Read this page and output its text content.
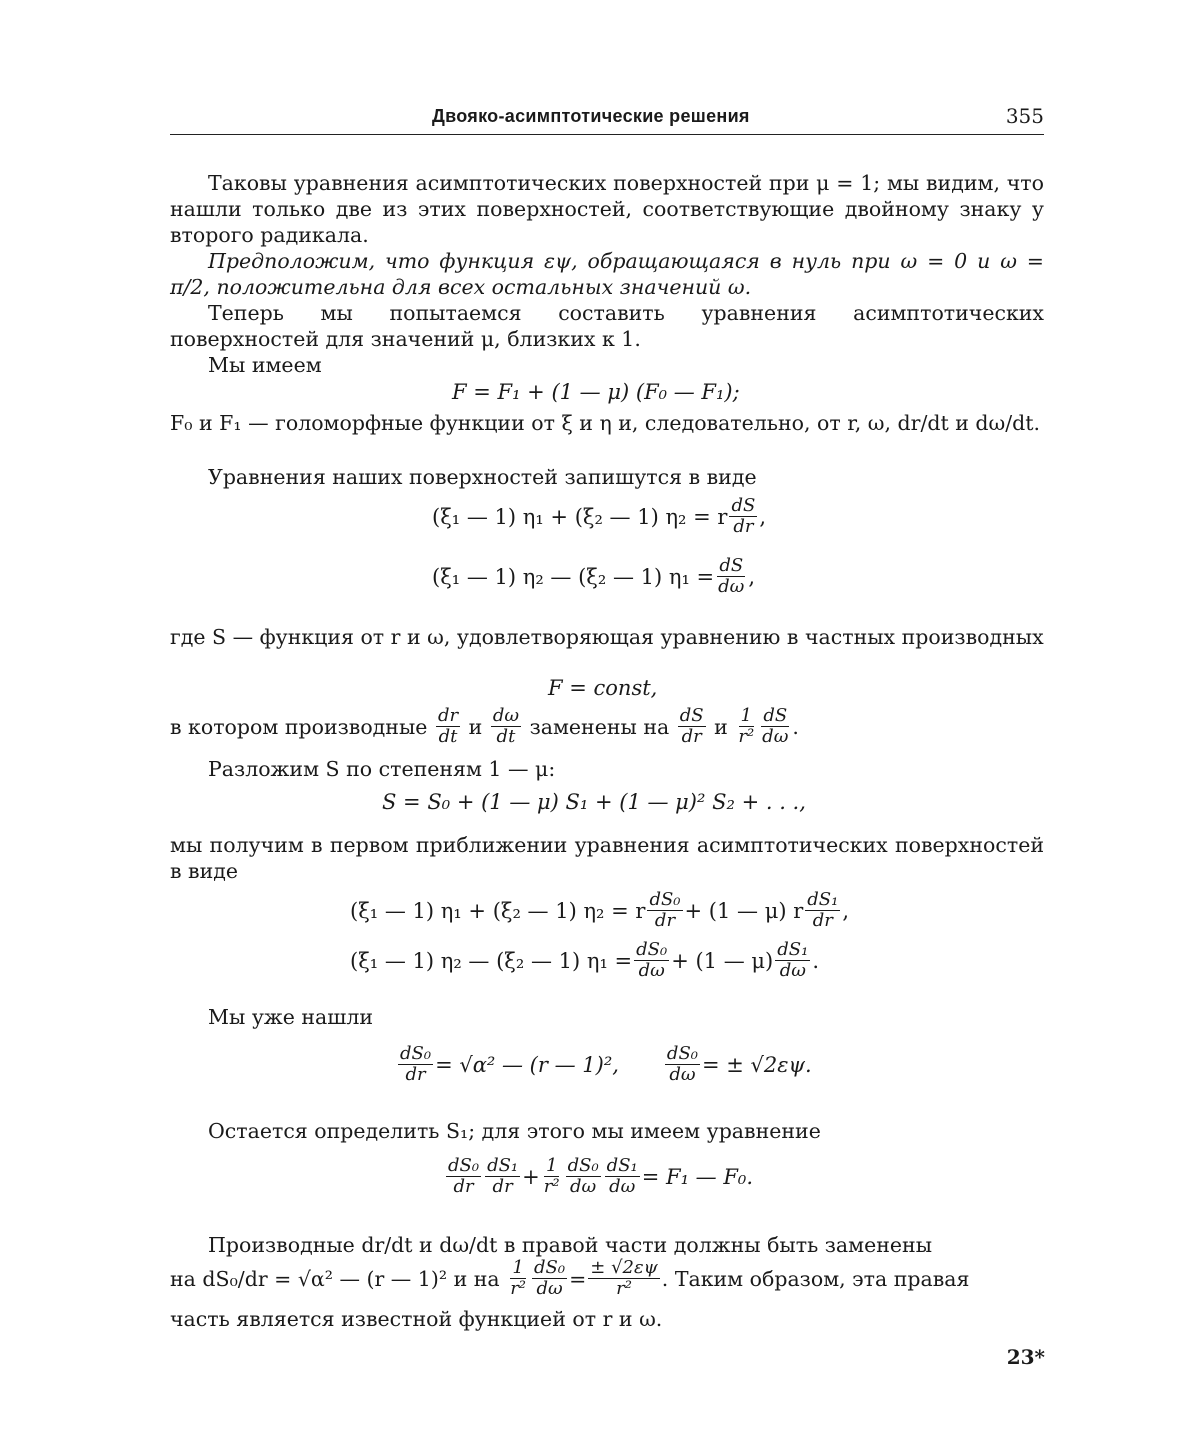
Двояко-асимптотические решения	355

Таковы уравнения асимптотических поверхностей при μ = 1; мы видим, что нашли только две из этих поверхностей, соответствующие двойному знаку у второго радикала.

Предположим, что функция εψ, обращающаяся в нуль при ω = 0 и ω = π/2, положительна для всех остальных значений ω.

Теперь мы попытаемся составить уравнения асимптотических поверхностей для значений μ, близких к 1.

Мы имеем
F = F₁ + (1 — μ) (F₀ — F₁);

F₀ и F₁ — голоморфные функции от ξ и η и, следовательно, от r, ω, dr/dt и dω/dt.

Уравнения наших поверхностей запишутся в виде
(ξ₁ — 1) η₁ + (ξ₂ — 1) η₂ = r dS
dr ,
(ξ₁ — 1) η₂ — (ξ₂ — 1) η₁ = dS
dω ,

где S — функция от r и ω, удовлетворяющая уравнению в частных производных

F = const,
в котором производные
dr
dt
и
dω
dt
заменены на
dS
dr
и
1
r²
dS
dω .
Разложим S по степеням 1 — μ:
S = S₀ + (1 — μ) S₁ + (1 — μ)² S₂ + . . .,

мы получим в первом приближении уравнения асимптотических поверхностей в виде

(ξ₁ — 1) η₁ + (ξ₂ — 1) η₂ = r dS₀
dr + (1 — μ) r dS₁
dr ,
(ξ₁ — 1) η₂ — (ξ₂ — 1) η₁ = dS₀
dω + (1 — μ) dS₁
dω .
Мы уже нашли
dS₀
dr = √α² — (r — 1)²,	dS₀
dω = ± √2εψ.
Остается определить S₁; для этого мы имеем уравнение
dS₀
dr
dS₁
dr + 1
r²
dS₀
dω
dS₁
dω = F₁ — F₀.
Производные dr/dt и dω/dt в правой части должны быть заменены
на dS₀/dr = √α² — (r — 1)² и на
1
r²
dS₀
dω = ± √2εψ
r² . Таким образом, эта правая
часть является известной функцией от r и ω.
23*
